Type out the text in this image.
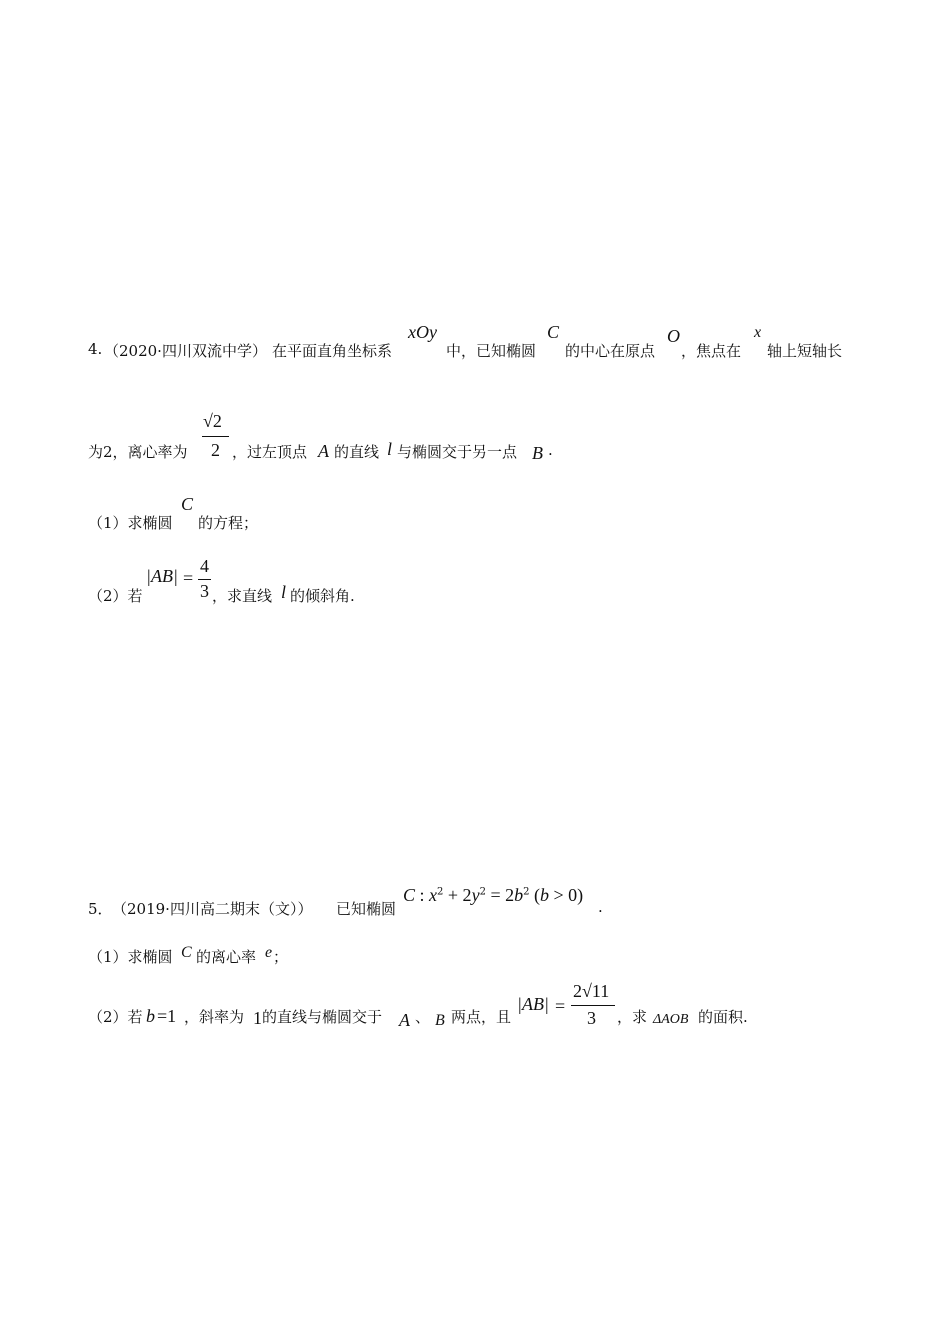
4. （2020·四川双流中学） 在平面直角坐标系
xOy
中，已知椭圆
C
的中心在原点
O
，焦点在
x
轴上短轴长
为2，离心率为
√2
2 ，过左顶点 A 的直线 l 与椭圆交于另一点 B .
（1）求椭圆
C
的方程；
（2）若
|AB| =
4
3 ，求直线 l 的倾斜角.
5． （2019·四川高二期末（文）） 已知椭圆
C : $x^2 + 2y^2 = 2b^2$ (b > 0)
.
（1）求椭圆 C 的离心率 e ；
（2）若 b =1 ，斜率为 1 的直线与椭圆交于 A 、 B 两点，且
|AB| =
2√11
3 ，求 ΔAOB 的面积.
